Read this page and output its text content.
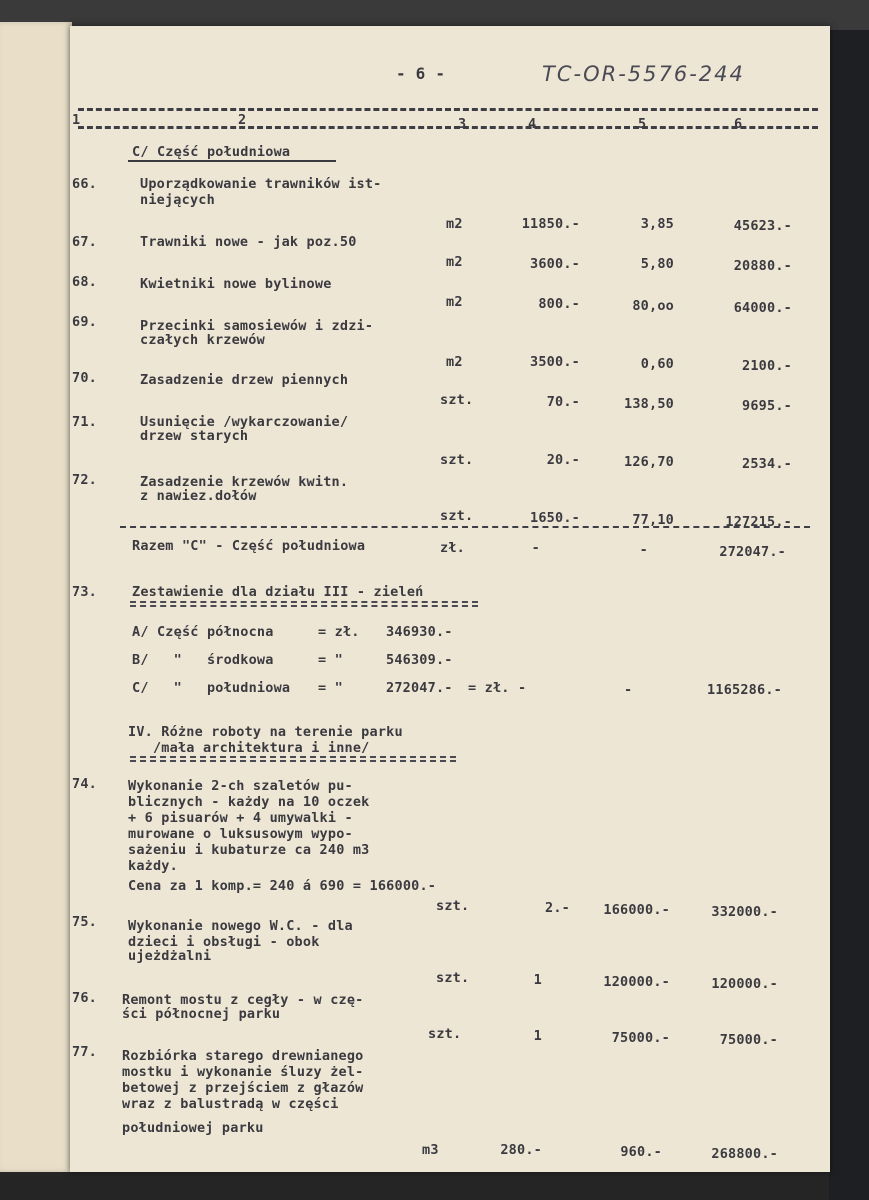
- 6 -	TC-OR-5576-244
1	2	3	4	5	6
C/ Część południowa
66.	Uporządkowanie trawników ist-
niejących
m2	11850.-	3,85	45623.-
67.	Trawniki nowe - jak poz.50
m2	3600.-	5,80	20880.-
68.	Kwietniki nowe bylinowe
m2	800.-	80,oo	64000.-
69.	Przecinki samosiewów i zdzi-
czałych krzewów
m2	3500.-	0,60	2100.-
70.	Zasadzenie drzew piennych
szt.	70.-	138,50	9695.-
71.	Usunięcie /wykarczowanie/
drzew starych
szt.	20.-	126,70	2534.-
72.	Zasadzenie krzewów kwitn.
z nawiez.dołów
szt.	1650.-	77,10	127215.-
Razem "C" - Część południowa	zł.	-	-	272047.-
73.	Zestawienie dla działu III - zieleń
A/ Część północna	= zł. 346930.-
B/   "   środkowa	= "	546309.-
C/   "   południowa = "	272047.- = zł. -	-	1165286.-
IV. Różne roboty na terenie parku
/mała architektura i inne/
74. Wykonanie 2-ch szaletów pu-
blicznych - każdy na 10 oczek
+ 6 pisuarów + 4 umywalki -
murowane o luksusowym wypo-
sażeniu i kubaturze ca 240 m3
każdy.
Cena za 1 komp.= 240 á 690 = 166000.-
szt.	2.-	166000.-	332000.-
75. Wykonanie nowego W.C. - dla
dzieci i obsługi - obok
ujeżdżalni
szt.	1	120000.-	120000.-
76. Remont mostu z cegły - w czę-
ści północnej parku
szt.	1	75000.-	75000.-
77. Rozbiórka starego drewnianego
mostku i wykonanie śluzy żel-
betowej z przejściem z głazów
wraz z balustradą w części
południowej parku
m3	280.-	960.-	268800.-
